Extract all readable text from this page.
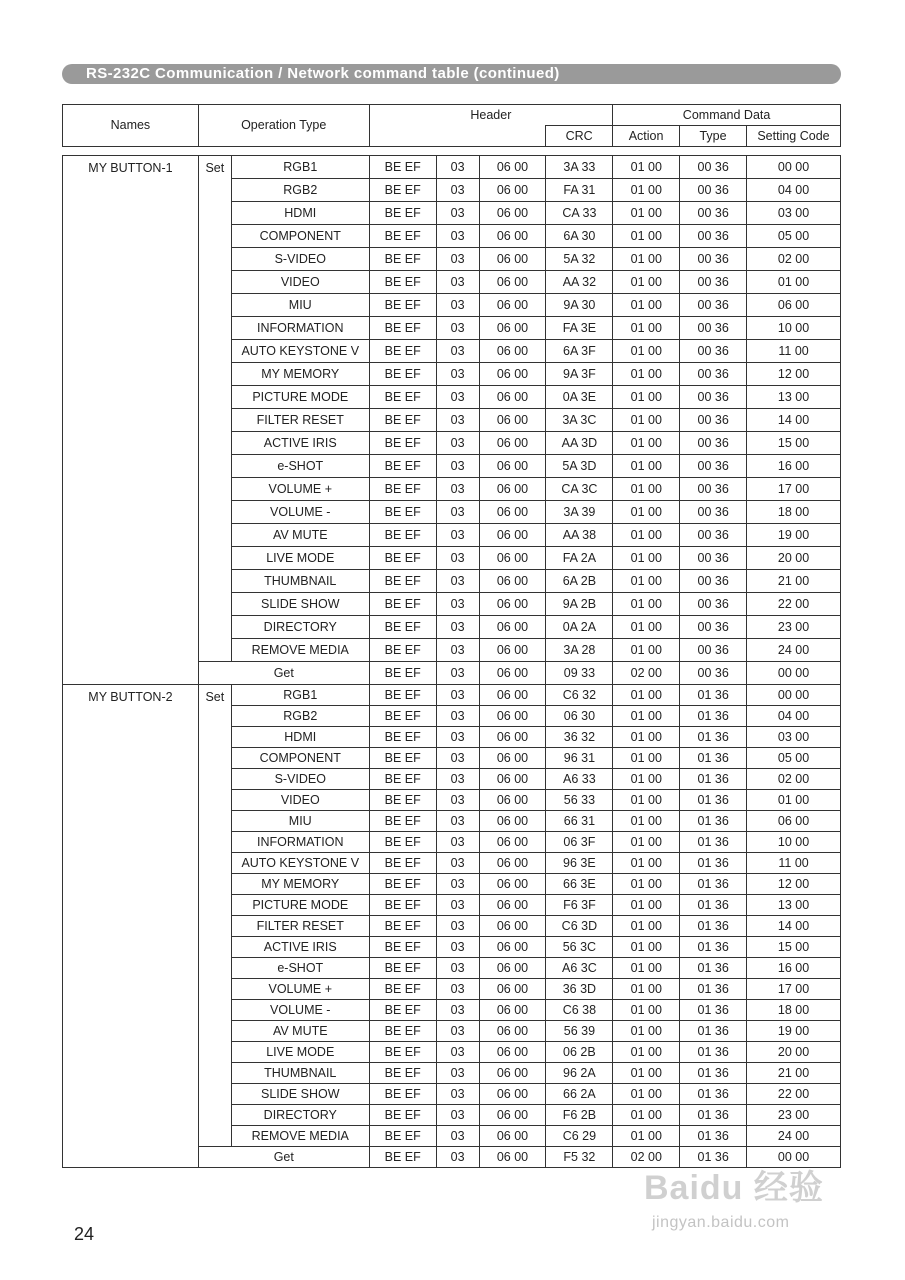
RS-232C Communication / Network command table (continued)
Names	Operation Type	Header		Command Data		
			CRC	Action	Type	Setting Code
MY BUTTON-1	Set	RGB1	BE EF	03	06 00	3A 33	01 00	00 36	00 00
		RGB2	BE EF	03	06 00	FA 31	01 00	00 36	04 00
		HDMI	BE EF	03	06 00	CA 33	01 00	00 36	03 00
		COMPONENT	BE EF	03	06 00	6A 30	01 00	00 36	05 00
		S-VIDEO	BE EF	03	06 00	5A 32	01 00	00 36	02 00
		VIDEO	BE EF	03	06 00	AA 32	01 00	00 36	01 00
		MIU	BE EF	03	06 00	9A 30	01 00	00 36	06 00
		INFORMATION	BE EF	03	06 00	FA 3E	01 00	00 36	10 00
		AUTO KEYSTONE V	BE EF	03	06 00	6A 3F	01 00	00 36	11 00
		MY MEMORY	BE EF	03	06 00	9A 3F	01 00	00 36	12 00
		PICTURE MODE	BE EF	03	06 00	0A 3E	01 00	00 36	13 00
		FILTER RESET	BE EF	03	06 00	3A 3C	01 00	00 36	14 00
		ACTIVE IRIS	BE EF	03	06 00	AA 3D	01 00	00 36	15 00
		e-SHOT	BE EF	03	06 00	5A 3D	01 00	00 36	16 00
		VOLUME +	BE EF	03	06 00	CA 3C	01 00	00 36	17 00
		VOLUME -	BE EF	03	06 00	3A 39	01 00	00 36	18 00
		AV MUTE	BE EF	03	06 00	AA 38	01 00	00 36	19 00
		LIVE MODE	BE EF	03	06 00	FA 2A	01 00	00 36	20 00
		THUMBNAIL	BE EF	03	06 00	6A 2B	01 00	00 36	21 00
		SLIDE SHOW	BE EF	03	06 00	9A 2B	01 00	00 36	22 00
		DIRECTORY	BE EF	03	06 00	0A 2A	01 00	00 36	23 00
		REMOVE MEDIA	BE EF	03	06 00	3A 28	01 00	00 36	24 00
	Get		BE EF	03	06 00	09 33	02 00	00 36	00 00
MY BUTTON-2	Set	RGB1	BE EF	03	06 00	C6 32	01 00	01 36	00 00
		RGB2	BE EF	03	06 00	06 30	01 00	01 36	04 00
		HDMI	BE EF	03	06 00	36 32	01 00	01 36	03 00
		COMPONENT	BE EF	03	06 00	96 31	01 00	01 36	05 00
		S-VIDEO	BE EF	03	06 00	A6 33	01 00	01 36	02 00
		VIDEO	BE EF	03	06 00	56 33	01 00	01 36	01 00
		MIU	BE EF	03	06 00	66 31	01 00	01 36	06 00
		INFORMATION	BE EF	03	06 00	06 3F	01 00	01 36	10 00
		AUTO KEYSTONE V	BE EF	03	06 00	96 3E	01 00	01 36	11 00
		MY MEMORY	BE EF	03	06 00	66 3E	01 00	01 36	12 00
		PICTURE MODE	BE EF	03	06 00	F6 3F	01 00	01 36	13 00
		FILTER RESET	BE EF	03	06 00	C6 3D	01 00	01 36	14 00
		ACTIVE IRIS	BE EF	03	06 00	56 3C	01 00	01 36	15 00
		e-SHOT	BE EF	03	06 00	A6 3C	01 00	01 36	16 00
		VOLUME +	BE EF	03	06 00	36 3D	01 00	01 36	17 00
		VOLUME -	BE EF	03	06 00	C6 38	01 00	01 36	18 00
		AV MUTE	BE EF	03	06 00	56 39	01 00	01 36	19 00
		LIVE MODE	BE EF	03	06 00	06 2B	01 00	01 36	20 00
		THUMBNAIL	BE EF	03	06 00	96 2A	01 00	01 36	21 00
		SLIDE SHOW	BE EF	03	06 00	66 2A	01 00	01 36	22 00
		DIRECTORY	BE EF	03	06 00	F6 2B	01 00	01 36	23 00
		REMOVE MEDIA	BE EF	03	06 00	C6 29	01 00	01 36	24 00
	Get		BE EF	03	06 00	F5 32	02 00	01 36	00 00
24
Baidu 经验
jingyan.baidu.com
